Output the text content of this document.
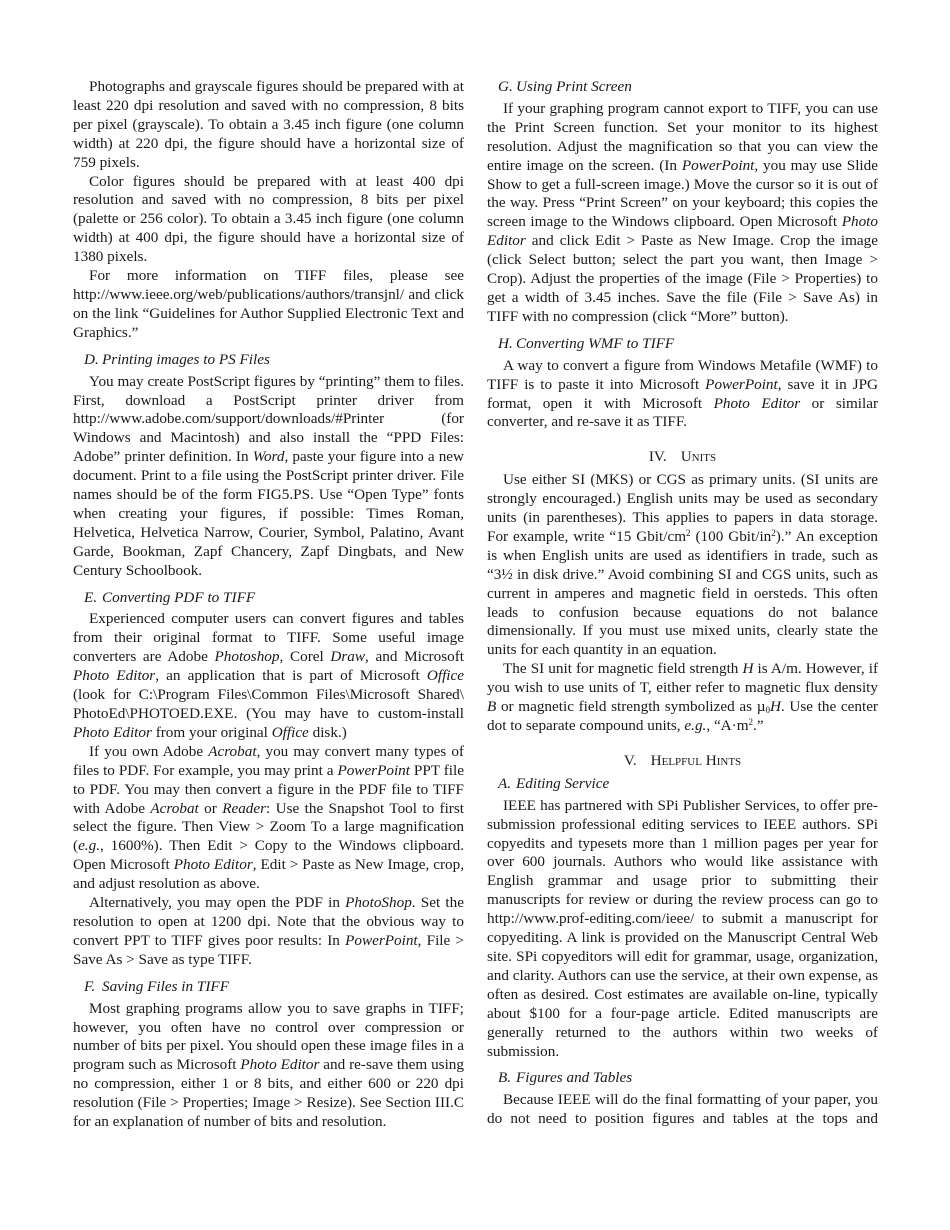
Photographs and grayscale figures should be prepared with at least 220 dpi resolution and saved with no compression, 8 bits per pixel (grayscale). To obtain a 3.45 inch figure (one column width) at 220 dpi, the figure should have a horizontal size of 759 pixels.

Color figures should be prepared with at least 400 dpi resolution and saved with no compression, 8 bits per pixel (palette or 256 color). To obtain a 3.45 inch figure (one column width) at 400 dpi, the figure should have a horizontal size of 1380 pixels.

For more information on TIFF files, please see http://www.ieee.org/web/publications/authors/transjnl/ and click on the link “Guidelines for Author Supplied Electronic Text and Graphics.”

D. Printing images to PS Files

You may create PostScript figures by “printing” them to files. First, download a PostScript printer driver from http://www.adobe.com/support/downloads/#Printer (for Windows and Macintosh) and also install the “PPD Files: Adobe” printer definition. In Word, paste your figure into a new document. Print to a file using the PostScript printer driver. File names should be of the form FIG5.PS. Use “Open Type” fonts when creating your figures, if possible: Times Roman, Helvetica, Helvetica Narrow, Courier, Symbol, Palatino, Avant Garde, Bookman, Zapf Chancery, Zapf Dingbats, and New Century Schoolbook.

E. Converting PDF to TIFF

Experienced computer users can convert figures and tables from their original format to TIFF. Some useful image converters are Adobe Photoshop, Corel Draw, and Microsoft Photo Editor, an application that is part of Microsoft Office (look for C:\Program Files\Common Files\Microsoft Shared\ PhotoEd\PHOTOED.EXE. (You may have to custom-install Photo Editor from your original Office disk.)

If you own Adobe Acrobat, you may convert many types of files to PDF. For example, you may print a PowerPoint PPT file to PDF. You may then convert a figure in the PDF file to TIFF with Adobe Acrobat or Reader: Use the Snapshot Tool to first select the figure. Then View > Zoom To a large magnification (e.g., 1600%). Then Edit > Copy to the Windows clipboard. Open Microsoft Photo Editor, Edit > Paste as New Image, crop, and adjust resolution as above.

Alternatively, you may open the PDF in PhotoShop. Set the resolution to open at 1200 dpi. Note that the obvious way to convert PPT to TIFF gives poor results: In PowerPoint, File > Save As > Save as type TIFF.

F. Saving Files in TIFF

Most graphing programs allow you to save graphs in TIFF; however, you often have no control over compression or number of bits per pixel. You should open these image files in a program such as Microsoft Photo Editor and re-save them using no compression, either 1 or 8 bits, and either 600 or 220 dpi resolution (File > Properties; Image > Resize). See Section III.C for an explanation of number of bits and resolution.

G. Using Print Screen

If your graphing program cannot export to TIFF, you can use the Print Screen function. Set your monitor to its highest resolution. Adjust the magnification so that you can view the entire image on the screen. (In PowerPoint, you may use Slide Show to get a full-screen image.) Move the cursor so it is out of the way. Press “Print Screen” on your keyboard; this copies the screen image to the Windows clipboard. Open Microsoft Photo Editor and click Edit > Paste as New Image. Crop the image (click Select button; select the part you want, then Image > Crop). Adjust the properties of the image (File > Properties) to get a width of 3.45 inches. Save the file (File > Save As) in TIFF with no compression (click “More” button).

H. Converting WMF to TIFF

A way to convert a figure from Windows Metafile (WMF) to TIFF is to paste it into Microsoft PowerPoint, save it in JPG format, open it with Microsoft Photo Editor or similar converter, and re-save it as TIFF.

IV. Units

Use either SI (MKS) or CGS as primary units. (SI units are strongly encouraged.) English units may be used as secondary units (in parentheses). This applies to papers in data storage. For example, write “15 Gbit/$cm^2$ (100 Gbit/$in^2$).” An exception is when English units are used as identifiers in trade, such as “3½ in disk drive.” Avoid combining SI and CGS units, such as current in amperes and magnetic field in oersteds. This often leads to confusion because equations do not balance dimensionally. If you must use mixed units, clearly state the units for each quantity in an equation.

The SI unit for magnetic field strength H is A/m. However, if you wish to use units of T, either refer to magnetic flux density B or magnetic field strength symbolized as µ$_0$H. Use the center dot to separate compound units, e.g., “$A\cdot m^2$.”

V. Helpful Hints
A. Editing Service

IEEE has partnered with SPi Publisher Services, to offer pre-submission professional editing services to IEEE authors. SPi copyedits and typesets more than 1 million pages per year for over 600 journals. Authors who would like assistance with English grammar and usage prior to submitting their manuscripts for review or during the review process can go to http://www.prof-editing.com/ieee/ to submit a manuscript for copyediting. A link is provided on the Manuscript Central Web site. SPi copyeditors will edit for grammar, usage, organization, and clarity. Authors can use the service, at their own expense, as often as desired. Cost estimates are available on-line, typically about $100 for a four-page article. Edited manuscripts are generally returned to the authors within two weeks of submission.

B. Figures and Tables

Because IEEE will do the final formatting of your paper, you do not need to position figures and tables at the tops and
